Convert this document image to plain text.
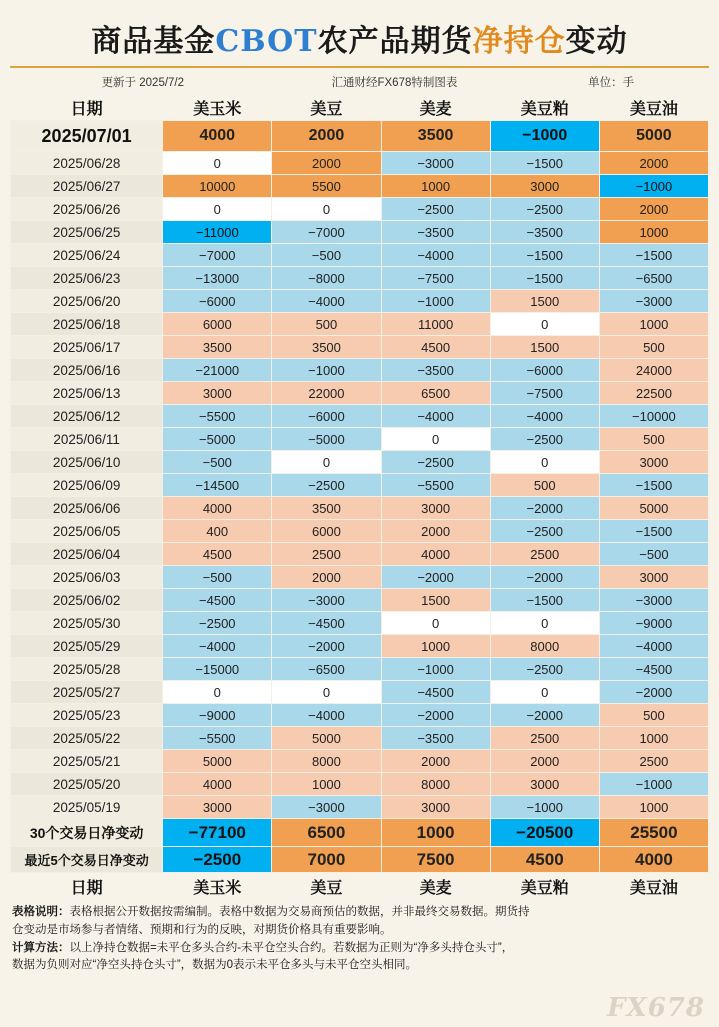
商品基金CBOT农产品期货净持仓变动
更新于 2025/7/2	汇通财经FX678特制图表	单位：手
日期	美玉米	美豆	美麦	美豆粕	美豆油
2025/07/01	4000	2000	3500	−1000	5000
2025/06/28	0	2000	−3000	−1500	2000
2025/06/27	10000	5500	1000	3000	−1000
2025/06/26	0	0	−2500	−2500	2000
2025/06/25	−11000	−7000	−3500	−3500	1000
2025/06/24	−7000	−500	−4000	−1500	−1500
2025/06/23	−13000	−8000	−7500	−1500	−6500
2025/06/20	−6000	−4000	−1000	1500	−3000
2025/06/18	6000	500	11000	0	1000
2025/06/17	3500	3500	4500	1500	500
2025/06/16	−21000	−1000	−3500	−6000	24000
2025/06/13	3000	22000	6500	−7500	22500
2025/06/12	−5500	−6000	−4000	−4000	−10000
2025/06/11	−5000	−5000	0	−2500	500
2025/06/10	−500	0	−2500	0	3000
2025/06/09	−14500	−2500	−5500	500	−1500
2025/06/06	4000	3500	3000	−2000	5000
2025/06/05	400	6000	2000	−2500	−1500
2025/06/04	4500	2500	4000	2500	−500
2025/06/03	−500	2000	−2000	−2000	3000
2025/06/02	−4500	−3000	1500	−1500	−3000
2025/05/30	−2500	−4500	0	0	−9000
2025/05/29	−4000	−2000	1000	8000	−4000
2025/05/28	−15000	−6500	−1000	−2500	−4500
2025/05/27	0	0	−4500	0	−2000
2025/05/23	−9000	−4000	−2000	−2000	500
2025/05/22	−5500	5000	−3500	2500	1000
2025/05/21	5000	8000	2000	2000	2500
2025/05/20	4000	1000	8000	3000	−1000
2025/05/19	3000	−3000	3000	−1000	1000
30个交易日净变动	−77100	6500	1000	−20500	25500
最近5个交易日净变动	−2500	7000	7500	4500	4000
日期	美玉米	美豆	美麦	美豆粕	美豆油
表格说明：表格根据公开数据按需编制。表格中数据为交易商预估的数据，并非最终交易数据。期货持
仓变动是市场参与者情绪、预期和行为的反映，对期货价格具有重要影响。
计算方法：以上净持仓数据=未平仓多头合约-未平仓空头合约。若数据为正则为“净多头持仓头寸”，
数据为负则对应“净空头持仓头寸”，数据为0表示未平仓多头与未平仓空头相同。
FX678
